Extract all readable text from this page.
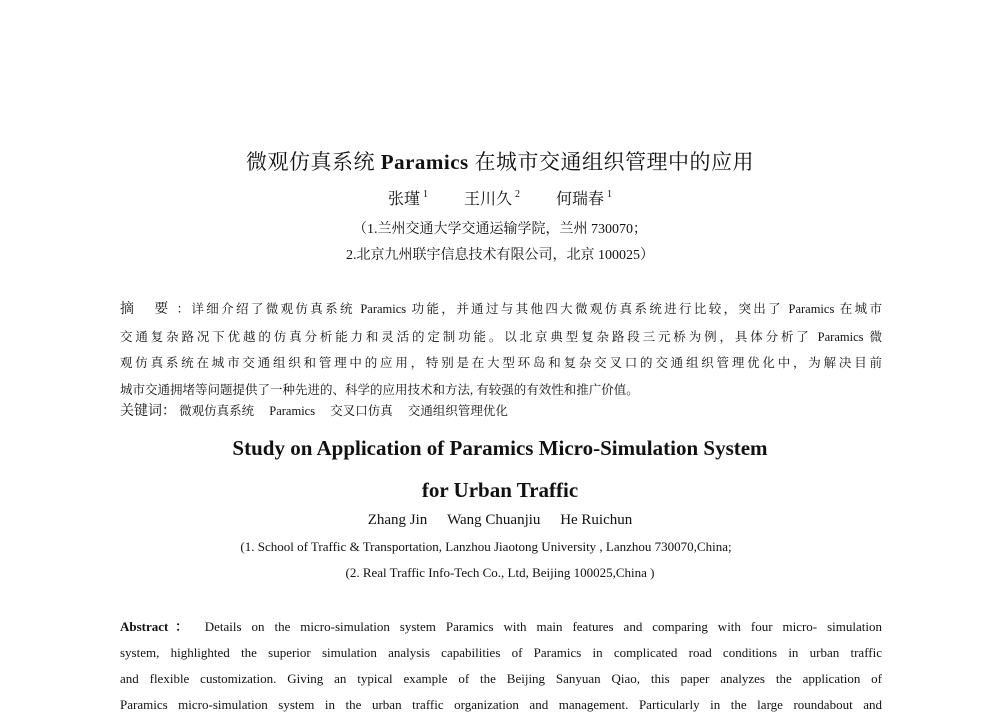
微观仿真系统 Paramics 在城市交通组织管理中的应用
张瑾 $^1$ 王川久 $^2$ 何瑞春 $^1$
（1.兰州交通大学交通运输学院，兰州 730070；
2.北京九州联宇信息技术有限公司，北京 100025）
摘 要：详细介绍了微观仿真系统 Paramics 功能，并通过与其他四大微观仿真系统进行比较，突出了 Paramics 在城市
交通复杂路况下优越的仿真分析能力和灵活的定制功能。以北京典型复杂路段三元桥为例，具体分析了 Paramics 微
观仿真系统在城市交通组织和管理中的应用，特别是在大型环岛和复杂交叉口的交通组织管理优化中，为解决目前
城市交通拥堵等问题提供了一种先进的、科学的应用技术和方法, 有较强的有效性和推广价值。
关键词： 微观仿真系统 Paramics 交叉口仿真 交通组织管理优化
Study on Application of Paramics Micro-Simulation System
for Urban Traffic
Zhang Jin Wang Chuanjiu He Ruichun
(1. School of Traffic & Transportation, Lanzhou Jiaotong University , Lanzhou 730070,China;
(2. Real Traffic Info-Tech Co., Ltd, Beijing 100025,China )
Abstract： Details on the micro-simulation system Paramics with main features and comparing with four micro- simulation
system, highlighted the superior simulation analysis capabilities of Paramics in complicated road conditions in urban traffic
and flexible customization. Giving an typical example of the Beijing Sanyuan Qiao, this paper analyzes the application of
Paramics micro-simulation system in the urban traffic organization and management. Particularly in the large roundabout and
